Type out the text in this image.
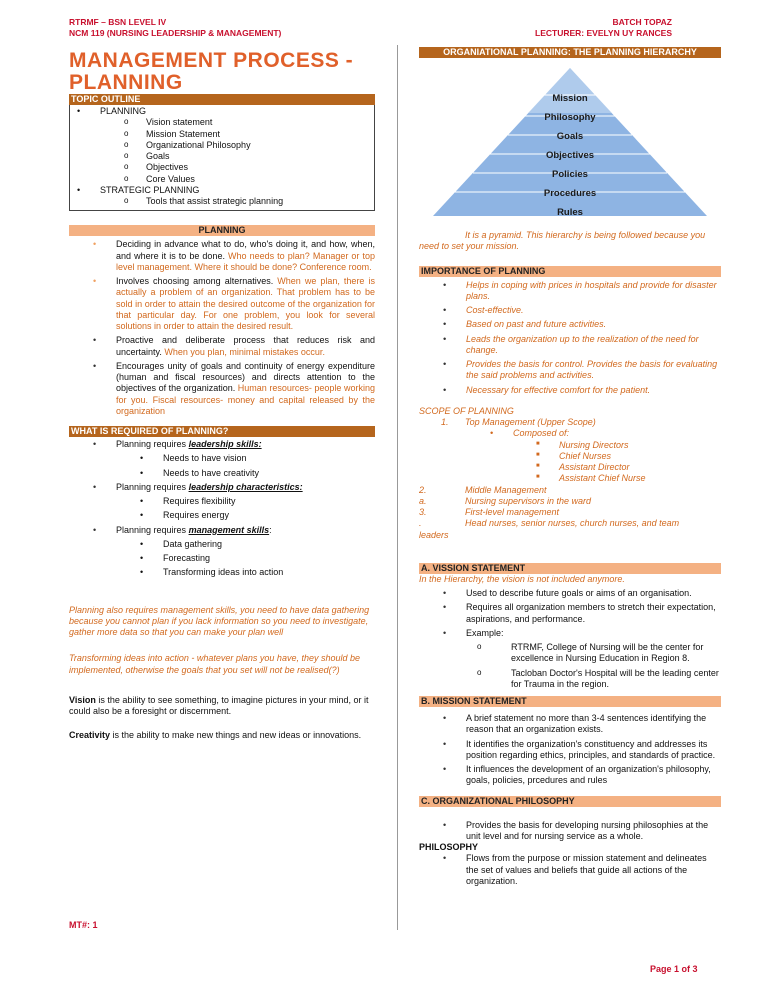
RTRMF – BSN LEVEL IV
NCM 119 (NURSING LEADERSHIP & MANAGEMENT)
BATCH TOPAZ
LECTURER: EVELYN UY RANCES
MANAGEMENT PROCESS -
PLANNING
TOPIC OUTLINE
• PLANNING
o Vision statement
o Mission Statement
o Organizational Philosophy
o Goals
o Objectives
o Core Values
• STRATEGIC PLANNING
o Tools that assist strategic planning
PLANNING
• Deciding in advance what to do, who's doing it, and how, when, and where it is to be done. Who needs to plan? Manager or top level management. Where it should be done? Conference room.
• Involves choosing among alternatives. When we plan, there is actually a problem of an organization. That problem has to be sold in order to attain the desired outcome of the organization for that particular day. For one problem, you look for several solutions in order to attain the desired result.
• Proactive and deliberate process that reduces risk and uncertainty. When you plan, minimal mistakes occur.
• Encourages unity of goals and continuity of energy expenditure (human and fiscal resources) and directs attention to the objectives of the organization. Human resources- people working for you. Fiscal resources- money and capital released by the organization
WHAT IS REQUIRED OF PLANNING?
• Planning requires leadership skills:
• Needs to have vision
• Needs to have creativity
• Planning requires leadership characteristics:
• Requires flexibility
• Requires energy
• Planning requires management skills:
• Data gathering
• Forecasting
• Transforming ideas into action
Planning also requires management skills, you need to have data gathering because you cannot plan if you lack information so you need to investigate, gather more data so that you can make your plan well
Transforming ideas into action - whatever plans you have, they should be implemented, otherwise the goals that you set will not be realised(?)
Vision is the ability to see something, to imagine pictures in your mind, or it could also be a foresight or discernment.
Creativity is the ability to make new things and new ideas or innovations.
MT#: 1
Page 1 of 3
ORGANIATIONAL PLANNING: THE PLANNING HIERARCHY
Mission
Philosophy
Goals
Objectives
Policies
Procedures
Rules
It is a pyramid. This hierarchy is being followed because you need to set your mission.
IMPORTANCE OF PLANNING
• Helps in coping with prices in hospitals and provide for disaster plans.
• Cost-effective.
• Based on past and future activities.
• Leads the organization up to the realization of the need for change.
• Provides the basis for control. Provides the basis for evaluating the said problems and activities.
• Necessary for effective comfort for the patient.
SCOPE OF PLANNING
1.	Top Management (Upper Scope)
• Composed of:
■ Nursing Directors
■ Chief Nurses
■ Assistant Director
■ Assistant Chief Nurse
2.	Middle Management
a.	Nursing supervisors in the ward
3.	First-level management
.	Head nurses, senior nurses, church nurses, and team
leaders
A. VISSION STATEMENT
In the Hierarchy, the vision is not included anymore.
• Used to describe future goals or aims of an organisation.
• Requires all organization members to stretch their expectation, aspirations, and performance.
• Example:
o	RTRMF, College of Nursing will be the center for excellence in Nursing Education in Region 8.
o	Tacloban Doctor's Hospital will be the leading center for Trauma in the region.
B. MISSION STATEMENT
• A brief statement no more than 3-4 sentences identifying the reason that an organization exists.
• It identifies the organization's constituency and addresses its position regarding ethics, principles, and standards of practice.
• It influences the development of an organization's philosophy, goals, policies, prcedures and rules
C. ORGANIZATIONAL PHILOSOPHY
• Provides the basis for developing nursing philosophies at the unit level and for nursing service as a whole.
PHILOSOPHY
• Flows from the purpose or mission statement and delineates the set of values and beliefs that guide all actions of the organization.
